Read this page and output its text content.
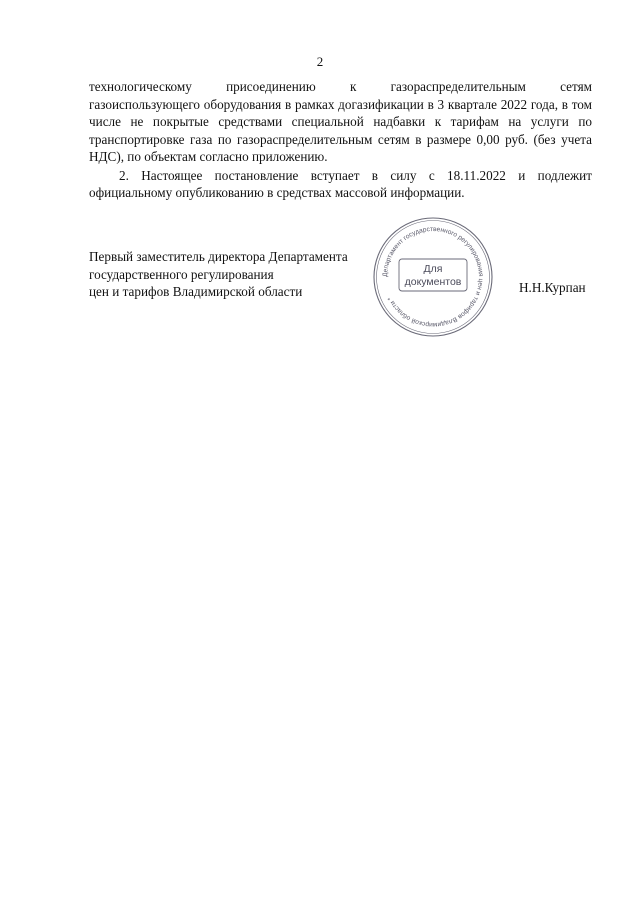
2

технологическому присоединению к газораспределительным сетям
газоиспользующего оборудования в рамках догазификации в 3 квартале 2022 года, в том числе не покрытые средствами специальной надбавки к тарифам на услуги по транспортировке газа по газораспределительным сетям в размере 0,00 руб. (без учета НДС), по объектам согласно приложению.

2. Настоящее постановление вступает в силу с 18.11.2022 и подлежит официальному опубликованию в средствах массовой информации.

Первый заместитель директора Департамента
государственного регулирования
цен и тарифов Владимирской области
Департамент государственного регулирования цен и тарифов Владимирской области *
Для
документов	Н.Н.Курпан
